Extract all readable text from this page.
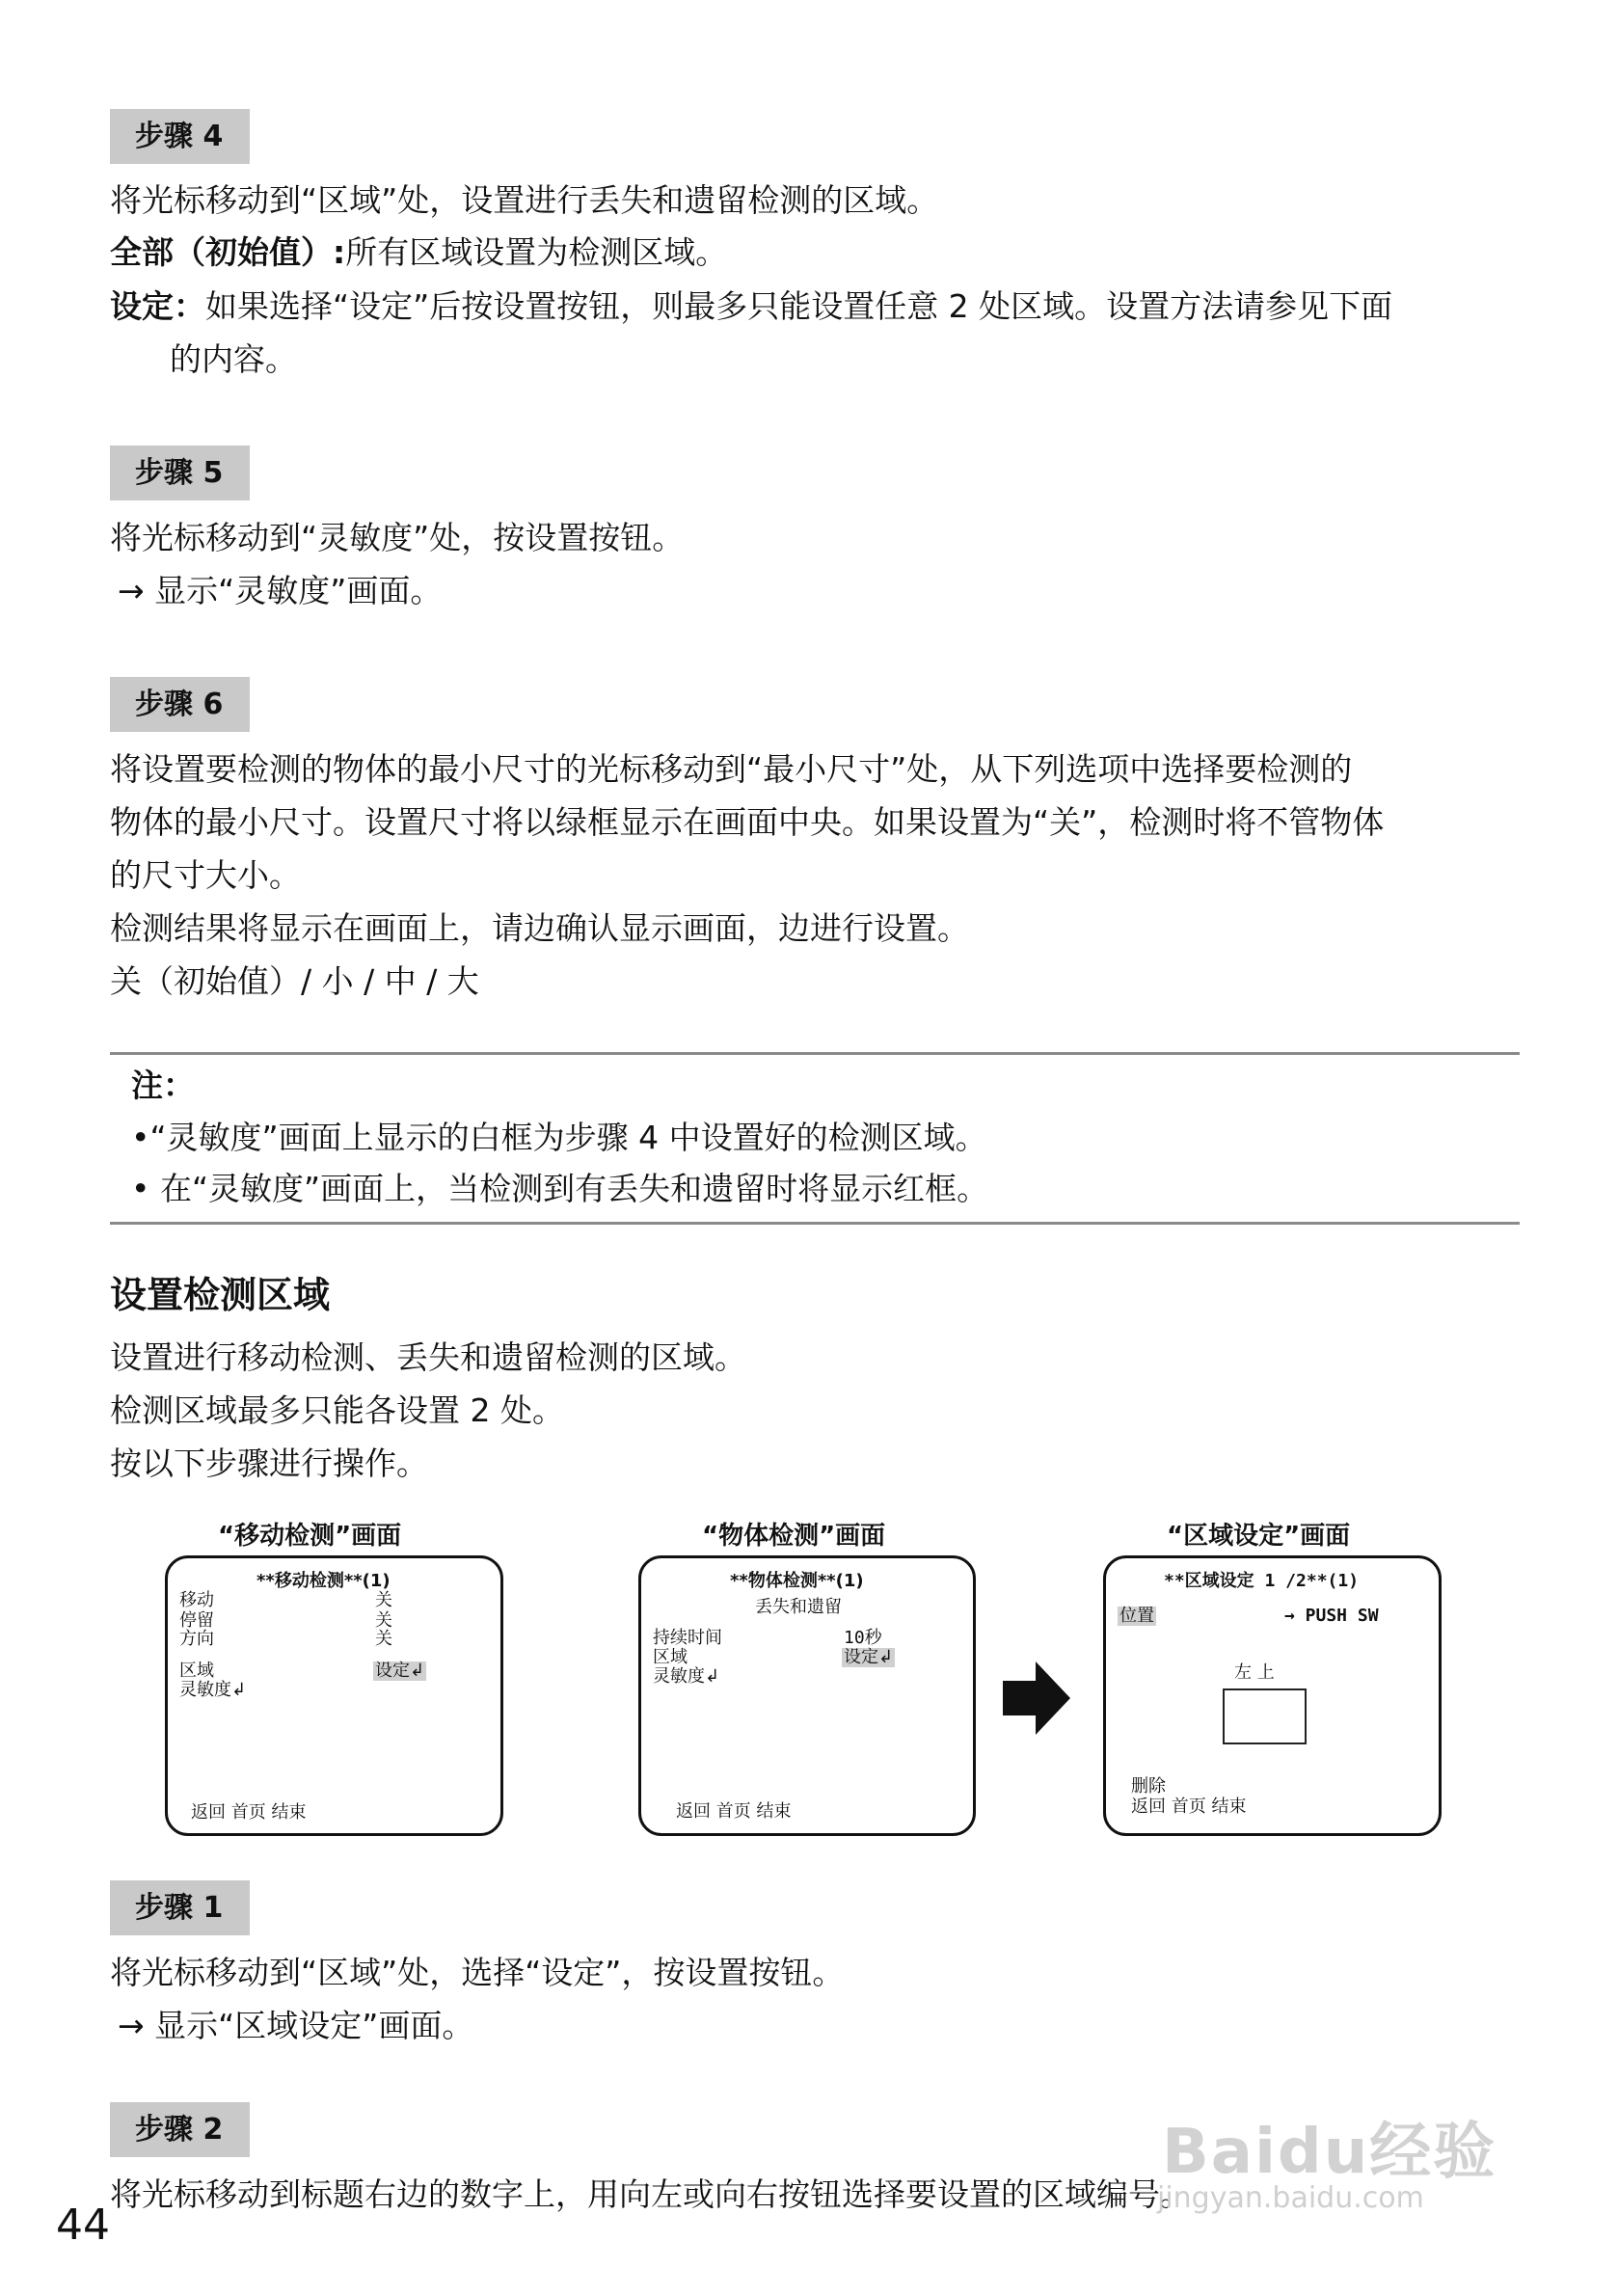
步骤 4
将光标移动到“区域”处，设置进行丢失和遗留检测的区域。
全部（初始值）:所有区域设置为检测区域。
设定：如果选择“设定”后按设置按钮，则最多只能设置任意 2 处区域。设置方法请参见下面
的内容。
步骤 5
将光标移动到“灵敏度”处，按设置按钮。
→ 显示“灵敏度”画面。
步骤 6
将设置要检测的物体的最小尺寸的光标移动到“最小尺寸”处，从下列选项中选择要检测的
物体的最小尺寸。设置尺寸将以绿框显示在画面中央。如果设置为“关”，检测时将不管物体
的尺寸大小。
检测结果将显示在画面上，请边确认显示画面，边进行设置。
关（初始值）/ 小 / 中 / 大
注：
•“灵敏度”画面上显示的白框为步骤 4 中设置好的检测区域。
• 在“灵敏度”画面上，当检测到有丢失和遗留时将显示红框。
设置检测区域
设置进行移动检测、丢失和遗留检测的区域。
检测区域最多只能各设置 2 处。
按以下步骤进行操作。
“移动检测”画面
**移动检测**(1)
移动	关
停留	关
方向	关
区域	设定↲
灵敏度↲
返回 首页 结束
“物体检测”画面
**物体检测**(1)
丢失和遗留
持续时间	10秒
区域	设定↲
灵敏度↲
返回 首页 结束
“区域设定”画面
**区域设定 1 /2**(1)
位置	→ PUSH SW
左 上
删除
返回 首页 结束
步骤 1
将光标移动到“区域”处，选择“设定”，按设置按钮。
→ 显示“区域设定”画面。
步骤 2
将光标移动到标题右边的数字上，用向左或向右按钮选择要设置的区域编号。
44
Baidu经验
jingyan.baidu.com
